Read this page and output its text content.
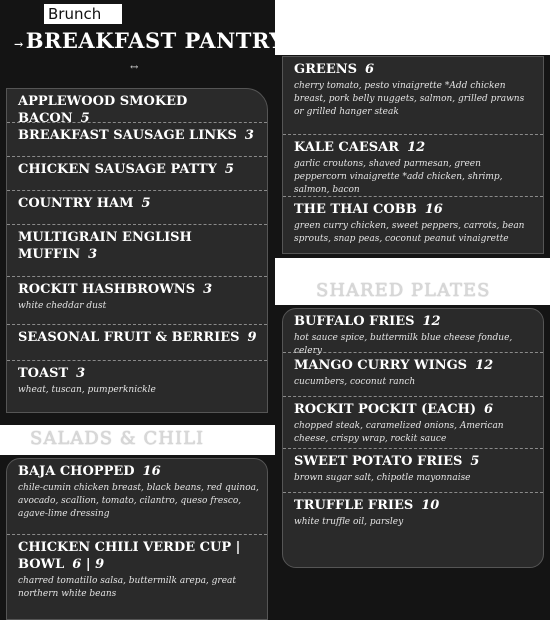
Brunch
→BREAKFAST PANTRY
↔
APPLEWOOD SMOKED BACON 5
BREAKFAST SAUSAGE LINKS 3
CHICKEN SAUSAGE PATTY 5
COUNTRY HAM 5
MULTIGRAIN ENGLISH MUFFIN 3
ROCKIT HASHBROWNS 3
white cheddar dust
SEASONAL FRUIT & BERRIES 9
TOAST 3
wheat, tuscan, pumperknickle
SALADS & CHILI
BAJA CHOPPED 16
chile-cumin chicken breast, black beans, red quinoa, avocado, scallion, tomato, cilantro, queso fresco, agave-lime dressing
CHICKEN CHILI VERDE CUP | BOWL 6 | 9
charred tomatillo salsa, buttermilk arepa, great northern white beans
GREENS 6
cherry tomato, pesto vinaigrette *Add chicken breast, pork belly nuggets, salmon, grilled prawns or grilled hanger steak
KALE CAESAR 12
garlic croutons, shaved parmesan, green peppercorn vinaigrette *add chicken, shrimp, salmon, bacon
THE THAI COBB 16
green curry chicken, sweet peppers, carrots, bean sprouts, snap peas, coconut peanut vinaigrette
SHARED PLATES
BUFFALO FRIES 12
hot sauce spice, buttermilk blue cheese fondue, celery
MANGO CURRY WINGS 12
cucumbers, coconut ranch
ROCKIT POCKIT (EACH) 6
chopped steak, caramelized onions, American cheese, crispy wrap, rockit sauce
SWEET POTATO FRIES 5
brown sugar salt, chipotle mayonnaise
TRUFFLE FRIES 10
white truffle oil, parsley
